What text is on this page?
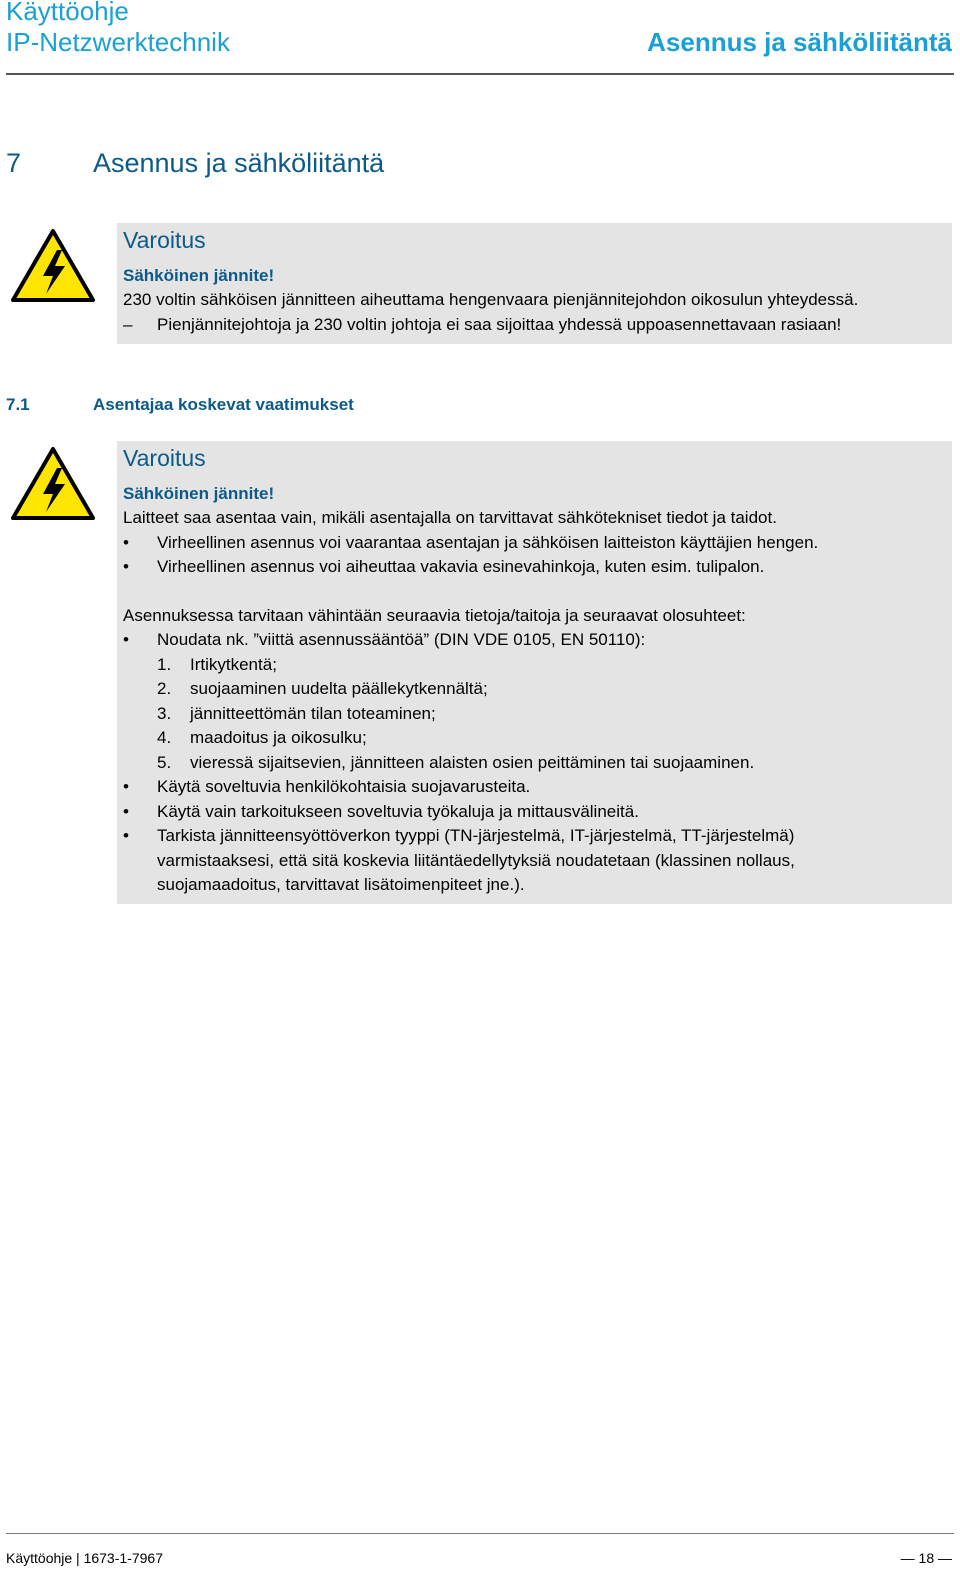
Käyttöohje
IP-Netzwerktechnik	Asennus ja sähköliitäntä
7	Asennus ja sähköliitäntä
Varoitus
Sähköinen jännite!
230 voltin sähköisen jännitteen aiheuttama hengenvaara pienjännitejohdon oikosulun yhteydessä.
– Pienjännitejohtoja ja 230 voltin johtoja ei saa sijoittaa yhdessä uppoasennettavaan rasiaan!
7.1	Asentajaa koskevat vaatimukset
Varoitus
Sähköinen jännite!
Laitteet saa asentaa vain, mikäli asentajalla on tarvittavat sähkötekniset tiedot ja taidot.
• Virheellinen asennus voi vaarantaa asentajan ja sähköisen laitteiston käyttäjien hengen.
• Virheellinen asennus voi aiheuttaa vakavia esinevahinkoja, kuten esim. tulipalon.
Asennuksessa tarvitaan vähintään seuraavia tietoja/taitoja ja seuraavat olosuhteet:
• Noudata nk. ”viittä asennussääntöä” (DIN VDE 0105, EN 50110):
1. Irtikytkentä;
2. suojaaminen uudelta päällekytkennältä;
3. jännitteettömän tilan toteaminen;
4. maadoitus ja oikosulku;
5. vieressä sijaitsevien, jännitteen alaisten osien peittäminen tai suojaaminen.
• Käytä soveltuvia henkilökohtaisia suojavarusteita.
• Käytä vain tarkoitukseen soveltuvia työkaluja ja mittausvälineitä.
• Tarkista jännitteensyöttöverkon tyyppi (TN-järjestelmä, IT-järjestelmä, TT-järjestelmä)
varmistaaksesi, että sitä koskevia liitäntäedellytyksiä noudatetaan (klassinen nollaus,
suojamaadoitus, tarvittavat lisätoimenpiteet jne.).
Käyttöohje | 1673-1-7967	— 18 —
